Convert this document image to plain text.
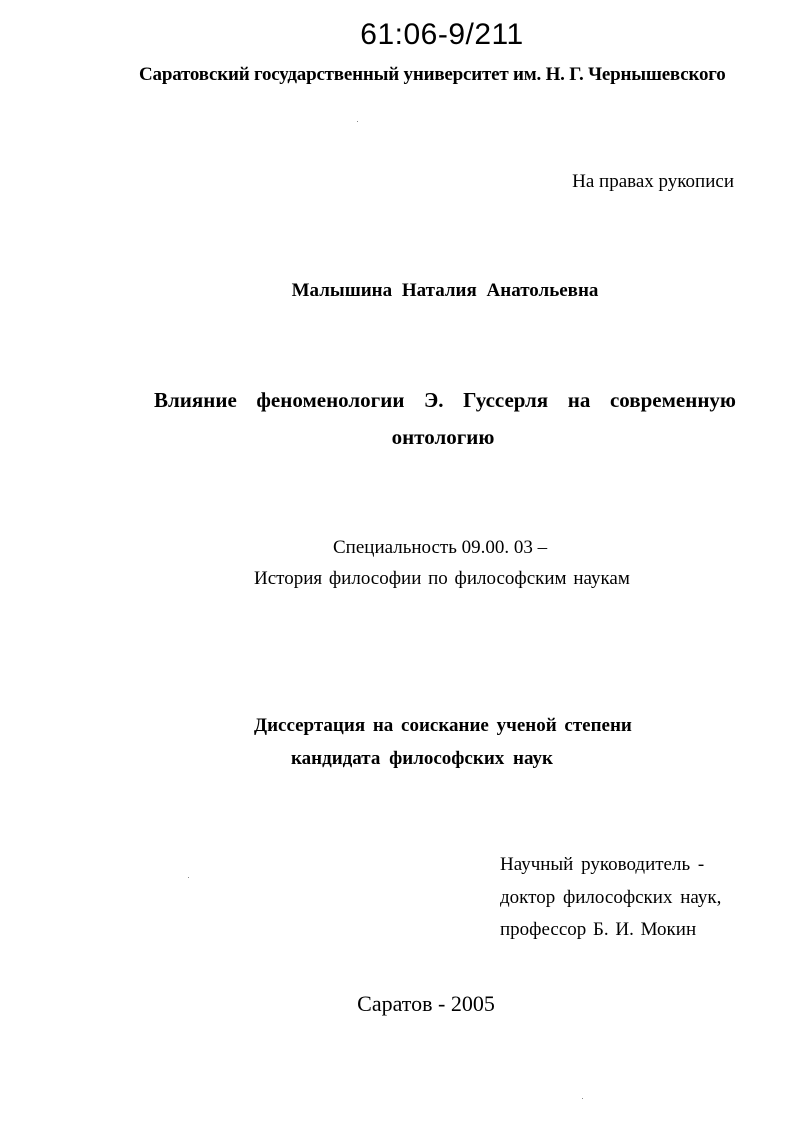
61:06-9/211
Саратовский государственный университет им. Н. Г. Чернышевского
На правах рукописи
Малышина Наталия Анатольевна
Влияние феноменологии Э. Гуссерля на современную
онтологию
Специальность 09.00. 03 –
История философии по философским наукам
Диссертация на соискание ученой степени
кандидата философских наук
Научный руководитель -
доктор философских наук,
профессор Б. И. Мокин
Саратов - 2005
